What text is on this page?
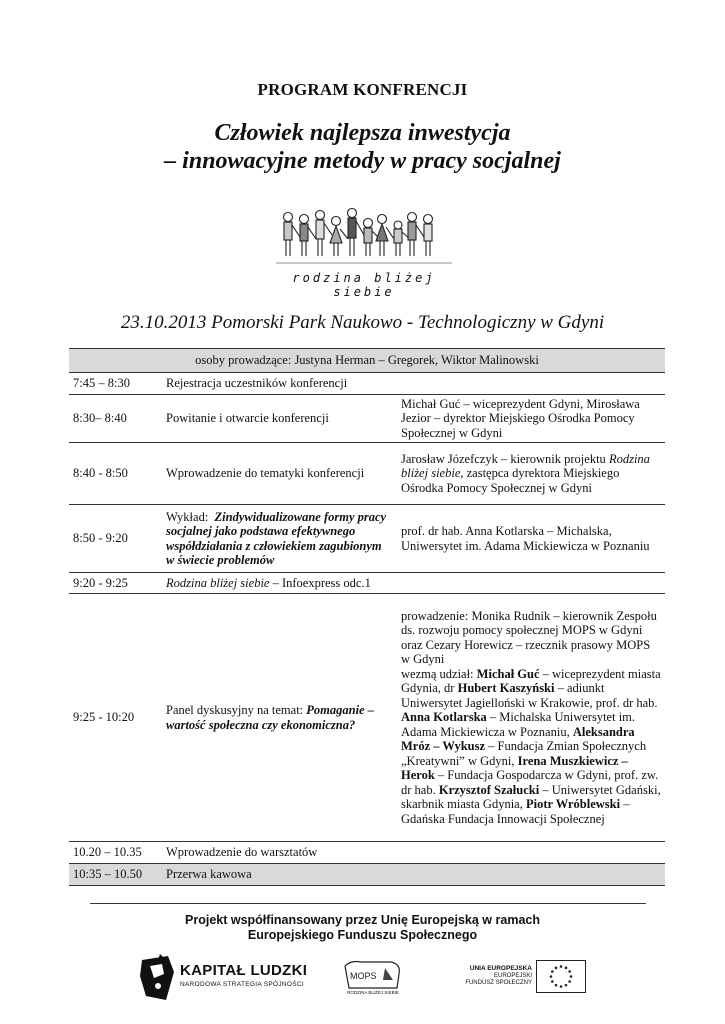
PROGRAM KONFRENCJI
Człowiek najlepsza inwestycja
– innowacyjne metody w pracy socjalnej
rodzina bliżej siebie
23.10.2013 Pomorski Park Naukowo - Technologiczny w Gdyni
osoby prowadzące: Justyna Herman – Gregorek, Wiktor Malinowski		
7:45 – 8:30	Rejestracja uczestników konferencji	
8:30– 8:40	Powitanie i otwarcie konferencji	Michał Guć – wiceprezydent Gdyni, Mirosława Jezior – dyrektor Miejskiego Ośrodka Pomocy Społecznej w Gdyni
8:40 - 8:50	Wprowadzenie do tematyki konferencji	Jarosław Józefczyk – kierownik projektu Rodzina bliżej siebie, zastępca dyrektora Miejskiego Ośrodka Pomocy Społecznej w Gdyni
8:50 - 9:20	Wykład: Zindywidualizowane formy pracy socjalnej jako podstawa efektywnego współdziałania z człowiekiem zagubionym w świecie problemów	prof. dr hab. Anna Kotlarska – Michalska, Uniwersytet im. Adama Mickiewicza w Poznaniu
9:20 - 9:25	Rodzina bliżej siebie – Infoexpress odc.1	
9:25 - 10:20	Panel dyskusyjny na temat: Pomaganie – wartość społeczna czy ekonomiczna?	prowadzenie: Monika Rudnik – kierownik Zespołu ds. rozwoju pomocy społecznej MOPS w Gdyni oraz Cezary Horewicz – rzecznik prasowy MOPS w Gdyni
wezmą udział: Michał Guć – wiceprezydent miasta Gdynia, dr Hubert Kaszyński – adiunkt Uniwersytet Jagielloński w Krakowie, prof. dr hab. Anna Kotlarska – Michalska Uniwersytet im. Adama Mickiewicza w Poznaniu, Aleksandra Mróz – Wykusz – Fundacja Zmian Społecznych „Kreatywni” w Gdyni, Irena Muszkiewicz – Herok – Fundacja Gospodarcza w Gdyni, prof. zw. dr hab. Krzysztof Szałucki – Uniwersytet Gdański, skarbnik miasta Gdynia, Piotr Wróblewski – Gdańska Fundacja Innowacji Społecznej

10.20 – 10.35	Wprowadzenie do warsztatów	
10:35 – 10.50	Przerwa kawowa	
Projekt współfinansowany przez Unię Europejską w ramach
Europejskiego Funduszu Społecznego
KAPITAŁ LUDZKI
NARODOWA STRATEGIA SPÓJNOŚCI
MOPS
RODZINA BLIŻEJ SIEBIE
UNIA EUROPEJSKA
EUROPEJSKI
FUNDUSZ SPOŁECZNY
